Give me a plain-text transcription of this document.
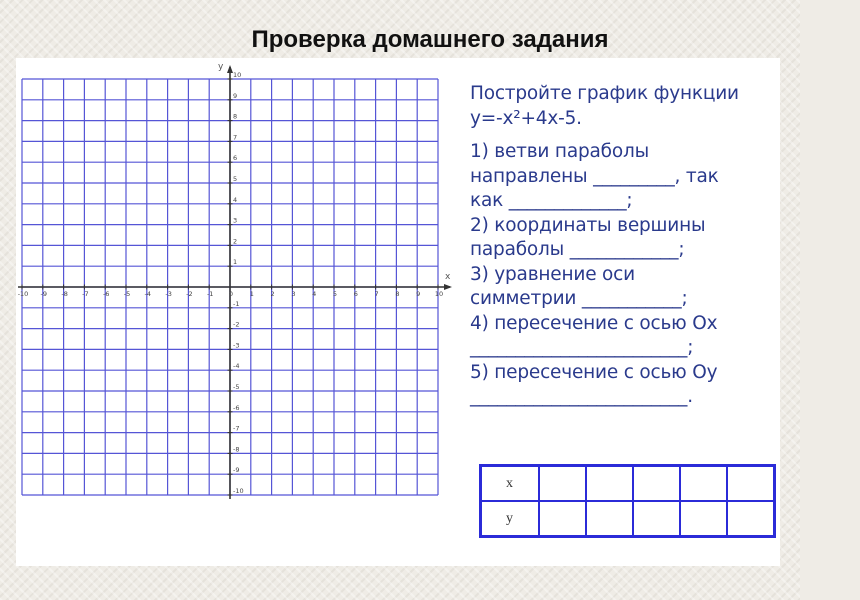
Проверка домашнего задания
x
y
-10 -9 -8 -7 -6 -5 -4 -3 -2 -1 0	1	2	3	4	5	6	7	8	9 10
10
9
8
7
6
5
4
3
2
1
-1
-2
-3
-4
-5
-6
-7
-8
-9
-10
Постройте график функции
y=-x²+4x-5.
1) ветви параболы
направлены _________, так
как _____________;
2) координаты вершины
параболы ____________;
3) уравнение оси
симметрии ___________;
4) пересечение с осью Ох
________________________;
5) пересечение с осью Оу
________________________.
x					
y					
